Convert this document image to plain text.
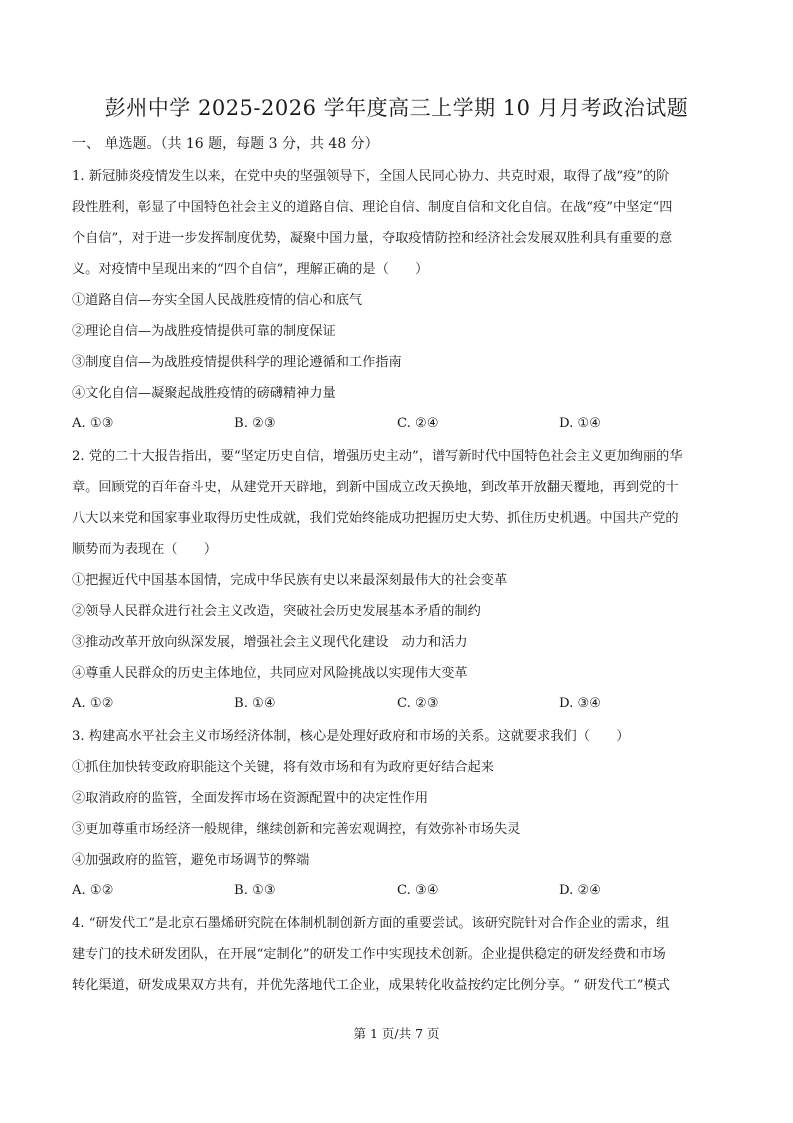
彭州中学 2025-2026 学年度高三上学期 10 月月考政治试题
一、 单选题。（共 16 题，每题 3 分，共 48 分）
1. 新冠肺炎疫情发生以来，在党中央的坚强领导下，全国人民同心协力、共克时艰，取得了战“疫”的阶
段性胜利，彰显了中国特色社会主义的道路自信、理论自信、制度自信和文化自信。在战“疫”中坚定“四
个自信”，对于进一步发挥制度优势，凝聚中国力量，夺取疫情防控和经济社会发展双胜利具有重要的意
义。对疫情中呈现出来的“四个自信”，理解正确的是（　　）
①道路自信—夯实全国人民战胜疫情的信心和底气
②理论自信—为战胜疫情提供可靠的制度保证
③制度自信—为战胜疫情提供科学的理论遵循和工作指南
④文化自信—凝聚起战胜疫情的磅礴精神力量
A. ①③	B. ②③	C. ②④	D. ①④
2. 党的二十大报告指出，要“坚定历史自信，增强历史主动”，谱写新时代中国特色社会主义更加绚丽的华
章。回顾党的百年奋斗史，从建党开天辟地，到新中国成立改天换地，到改革开放翻天覆地，再到党的十
八大以来党和国家事业取得历史性成就，我们党始终能成功把握历史大势、抓住历史机遇。中国共产党的
顺势而为表现在（　　）
①把握近代中国基本国情，完成中华民族有史以来最深刻最伟大的社会变革
②领导人民群众进行社会主义改造，突破社会历史发展基本矛盾的制约
③推动改革开放向纵深发展，增强社会主义现代化建设　动力和活力
④尊重人民群众的历史主体地位，共同应对风险挑战以实现伟大变革
A. ①②	B. ①④	C. ②③	D. ③④
3. 构建高水平社会主义市场经济体制，核心是处理好政府和市场的关系。这就要求我们（　　）
①抓住加快转变政府职能这个关键，将有效市场和有为政府更好结合起来
②取消政府的监管，全面发挥市场在资源配置中的决定性作用
③更加尊重市场经济一般规律，继续创新和完善宏观调控，有效弥补市场失灵
④加强政府的监管，避免市场调节的弊端
A. ①②	B. ①③	C. ③④	D. ②④
4. “研发代工”是北京石墨烯研究院在体制机制创新方面的重要尝试。该研究院针对合作企业的需求，组
建专门的技术研发团队，在开展“定制化”的研发工作中实现技术创新。企业提供稳定的研发经费和市场
转化渠道，研发成果双方共有，并优先落地代工企业，成果转化收益按约定比例分享。“ 研发代工”模式
第 1 页/共 7 页
